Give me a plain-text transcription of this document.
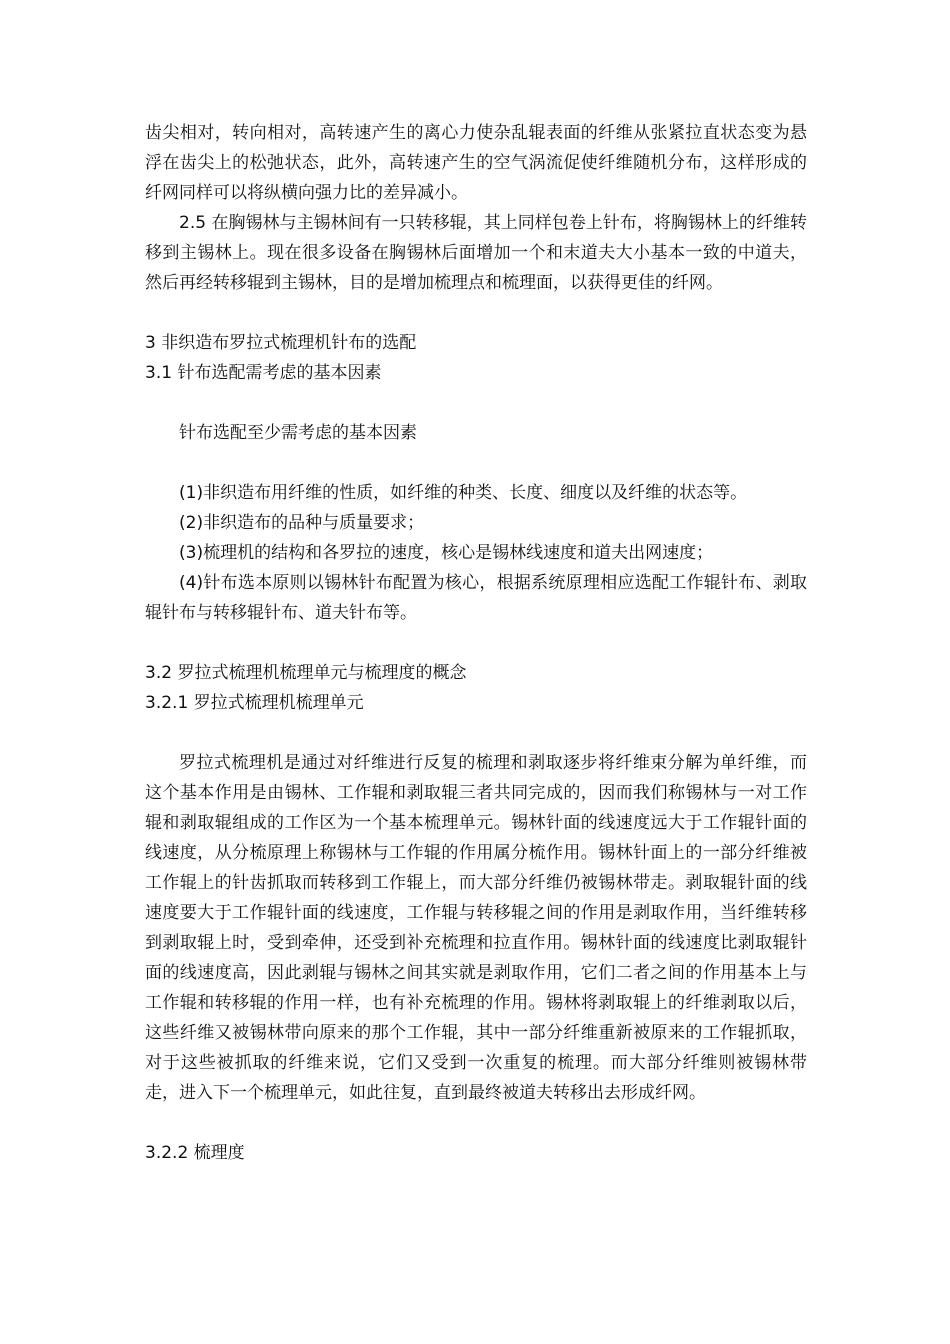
齿尖相对，转向相对，高转速产生的离心力使杂乱辊表面的纤维从张紧拉直状态变为悬浮在齿尖上的松弛状态，此外，高转速产生的空气涡流促使纤维随机分布，这样形成的纤网同样可以将纵横向强力比的差异减小。

2.5 在胸锡林与主锡林间有一只转移辊，其上同样包卷上针布，将胸锡林上的纤维转移到主锡林上。现在很多设备在胸锡林后面增加一个和末道夫大小基本一致的中道夫，然后再经转移辊到主锡林，目的是增加梳理点和梳理面，以获得更佳的纤网。

3 非织造布罗拉式梳理机针布的选配

3.1 针布选配需考虑的基本因素

针布选配至少需考虑的基本因素

(1)非织造布用纤维的性质，如纤维的种类、长度、细度以及纤维的状态等。

(2)非织造布的品种与质量要求；

(3)梳理机的结构和各罗拉的速度，核心是锡林线速度和道夫出网速度；

(4)针布选本原则以锡林针布配置为核心，根据系统原理相应选配工作辊针布、剥取辊针布与转移辊针布、道夫针布等。

3.2 罗拉式梳理机梳理单元与梳理度的概念

3.2.1 罗拉式梳理机梳理单元

罗拉式梳理机是通过对纤维进行反复的梳理和剥取逐步将纤维束分解为单纤维，而这个基本作用是由锡林、工作辊和剥取辊三者共同完成的，因而我们称锡林与一对工作辊和剥取辊组成的工作区为一个基本梳理单元。锡林针面的线速度远大于工作辊针面的线速度，从分梳原理上称锡林与工作辊的作用属分梳作用。锡林针面上的一部分纤维被工作辊上的针齿抓取而转移到工作辊上，而大部分纤维仍被锡林带走。剥取辊针面的线速度要大于工作辊针面的线速度，工作辊与转移辊之间的作用是剥取作用，当纤维转移到剥取辊上时，受到牵伸，还受到补充梳理和拉直作用。锡林针面的线速度比剥取辊针面的线速度高，因此剥辊与锡林之间其实就是剥取作用，它们二者之间的作用基本上与工作辊和转移辊的作用一样，也有补充梳理的作用。锡林将剥取辊上的纤维剥取以后，这些纤维又被锡林带向原来的那个工作辊，其中一部分纤维重新被原来的工作辊抓取，对于这些被抓取的纤维来说，它们又受到一次重复的梳理。而大部分纤维则被锡林带走，进入下一个梳理单元，如此往复，直到最终被道夫转移出去形成纤网。

3.2.2 梳理度
